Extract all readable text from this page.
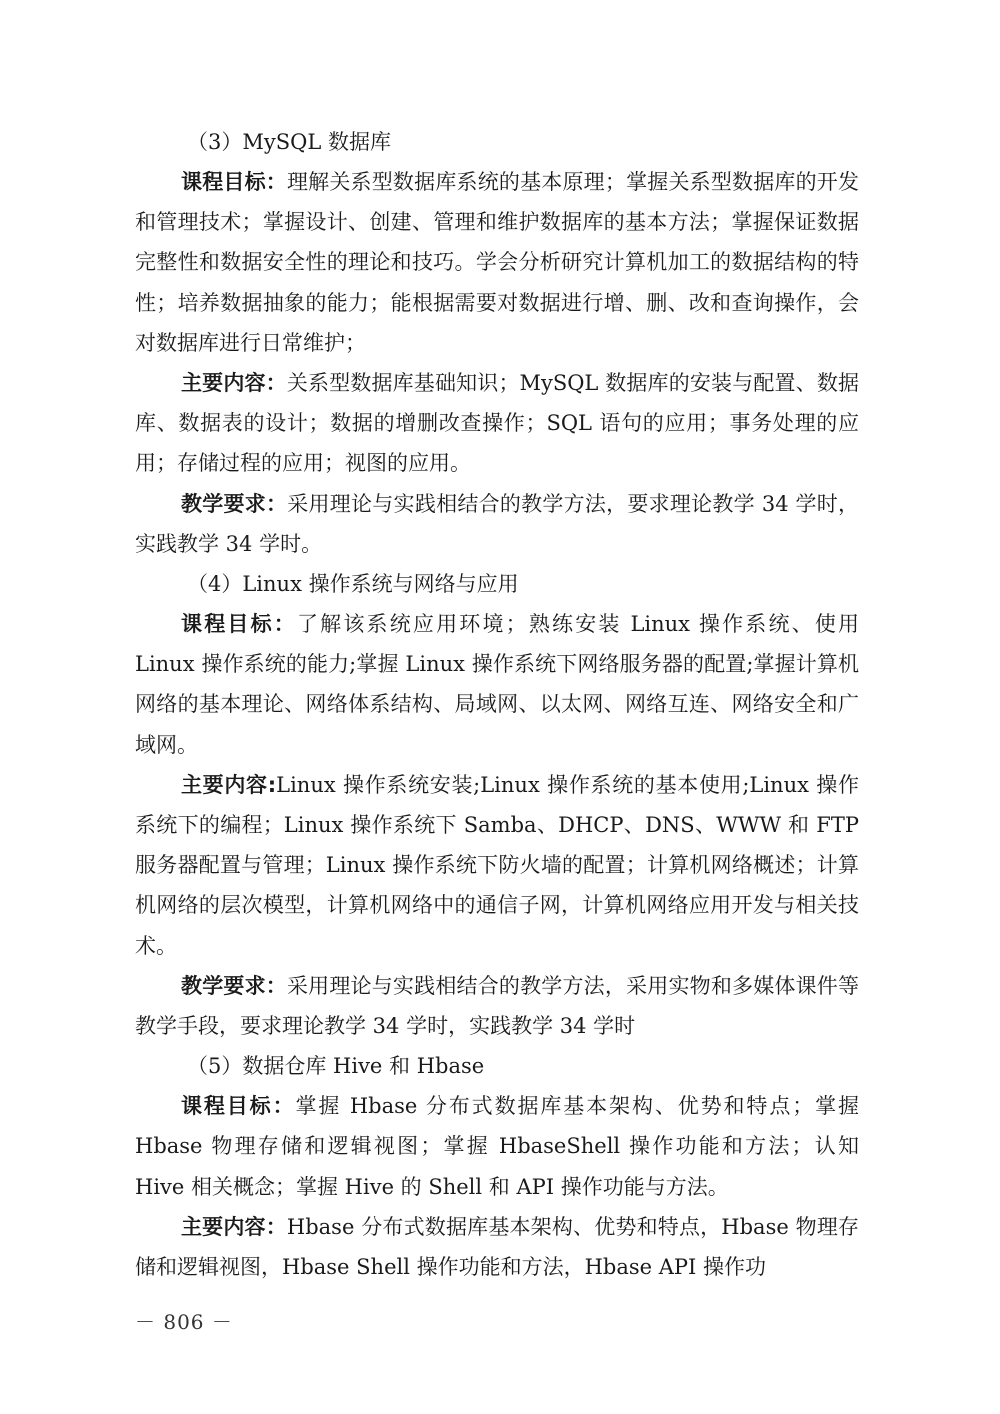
（3）MySQL 数据库

课程目标：理解关系型数据库系统的基本原理；掌握关系型数据库的开发和管理技术；掌握设计、创建、管理和维护数据库的基本方法；掌握保证数据完整性和数据安全性的理论和技巧。学会分析研究计算机加工的数据结构的特性；培养数据抽象的能力；能根据需要对数据进行增、删、改和查询操作，会对数据库进行日常维护；

主要内容：关系型数据库基础知识；MySQL 数据库的安装与配置、数据库、数据表的设计；数据的增删改查操作；SQL 语句的应用；事务处理的应用；存储过程的应用；视图的应用。

教学要求：采用理论与实践相结合的教学方法，要求理论教学 34 学时，实践教学 34 学时。

（4）Linux 操作系统与网络与应用

课程目标：了解该系统应用环境；熟练安装 Linux 操作系统、使用 Linux 操作系统的能力;掌握 Linux 操作系统下网络服务器的配置;掌握计算机网络的基本理论、网络体系结构、局域网、以太网、网络互连、网络安全和广域网。

主要内容:Linux 操作系统安装;Linux 操作系统的基本使用;Linux 操作系统下的编程；Linux 操作系统下 Samba、DHCP、DNS、WWW 和 FTP 服务器配置与管理；Linux 操作系统下防火墙的配置；计算机网络概述；计算机网络的层次模型，计算机网络中的通信子网，计算机网络应用开发与相关技术。

教学要求：采用理论与实践相结合的教学方法，采用实物和多媒体课件等教学手段，要求理论教学 34 学时，实践教学 34 学时

（5）数据仓库 Hive 和 Hbase

课程目标：掌握 Hbase 分布式数据库基本架构、优势和特点；掌握 Hbase 物理存储和逻辑视图；掌握 HbaseShell 操作功能和方法；认知 Hive 相关概念；掌握 Hive 的 Shell 和 API 操作功能与方法。

主要内容：Hbase 分布式数据库基本架构、优势和特点，Hbase 物理存储和逻辑视图，Hbase Shell 操作功能和方法，Hbase API 操作功

－ 806 －
